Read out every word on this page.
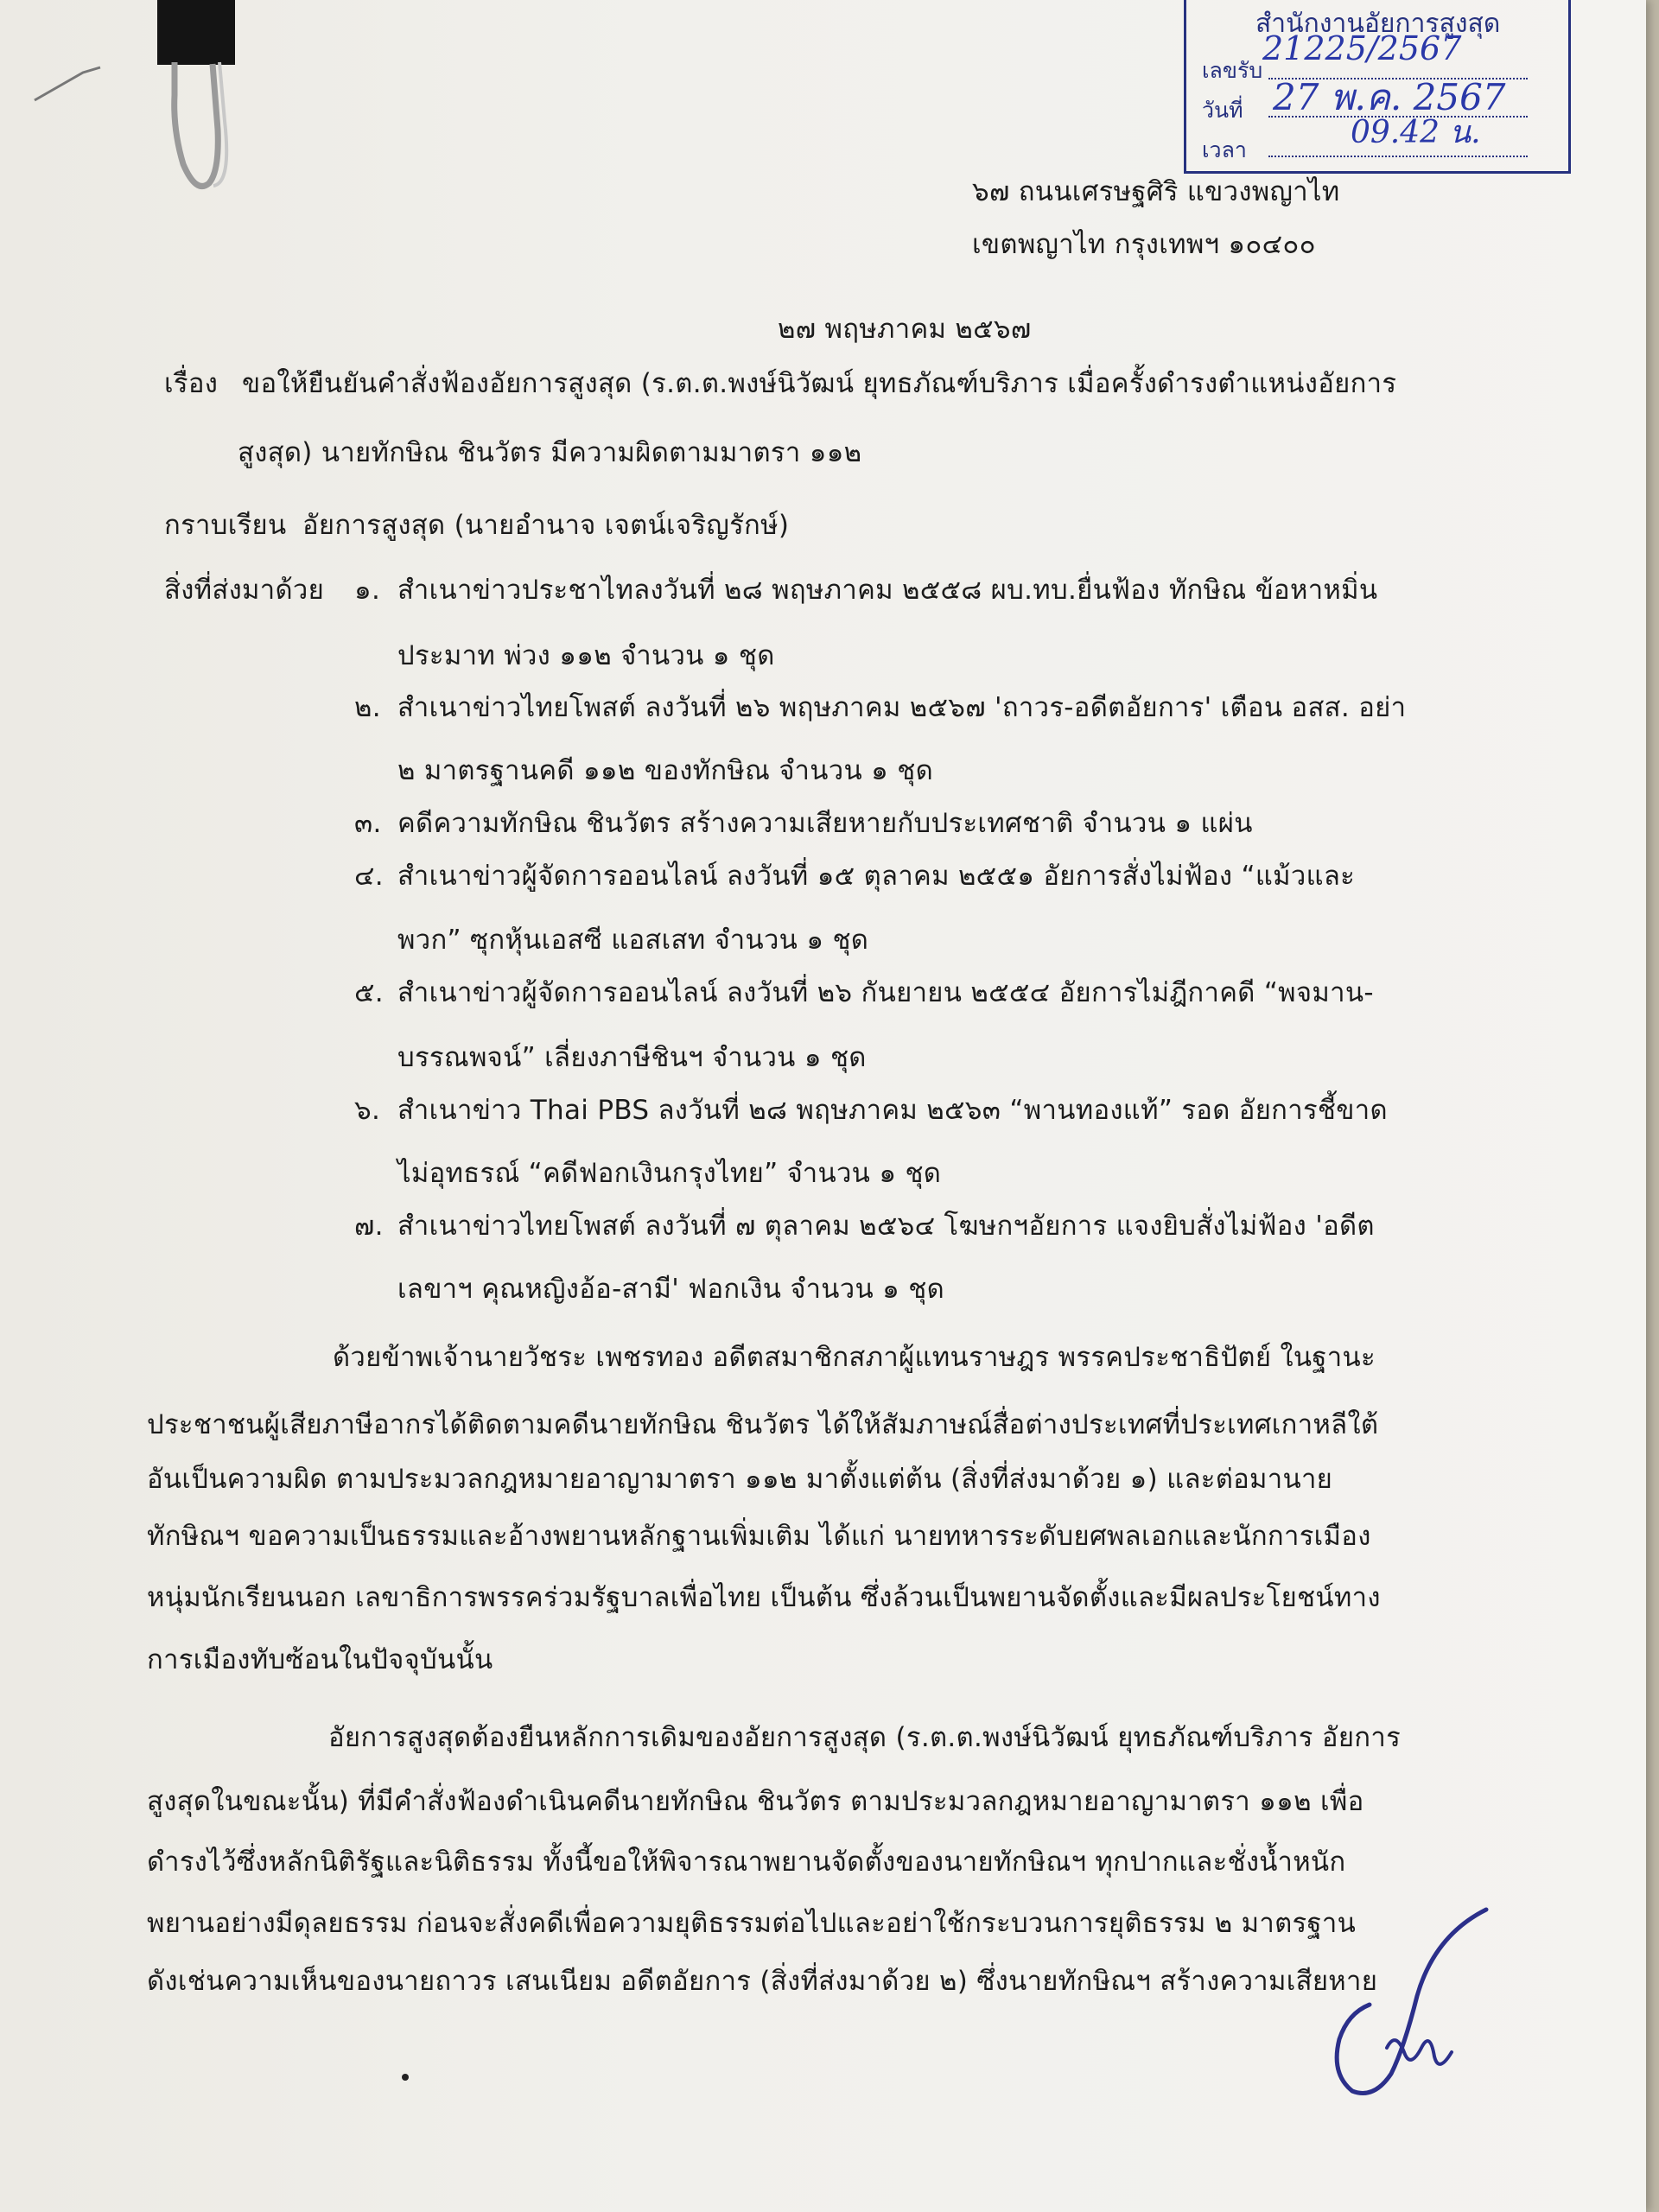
สำนักงานอัยการสูงสุด
เลขรับ
21225/2567
วันที่ 27 พ.ค. 2567
เวลา	09.42 น.
๖๗ ถนนเศรษฐศิริ แขวงพญาไท
เขตพญาไท กรุงเทพฯ ๑๐๔๐๐
๒๗ พฤษภาคม ๒๕๖๗
เรื่อง ขอให้ยืนยันคำสั่งฟ้องอัยการสูงสุด (ร.ต.ต.พงษ์นิวัฒน์ ยุทธภัณฑ์บริภาร เมื่อครั้งดำรงตำแหน่งอัยการ
สูงสุด) นายทักษิณ ชินวัตร มีความผิดตามมาตรา ๑๑๒
กราบเรียน อัยการสูงสุด (นายอำนาจ เจตน์เจริญรักษ์)
สิ่งที่ส่งมาด้วย ๑. สำเนาข่าวประชาไทลงวันที่ ๒๘ พฤษภาคม ๒๕๕๘ ผบ.ทบ.ยื่นฟ้อง ทักษิณ ข้อหาหมิ่น
ประมาท พ่วง ๑๑๒ จำนวน ๑ ชุด
๒. สำเนาข่าวไทยโพสต์ ลงวันที่ ๒๖ พฤษภาคม ๒๕๖๗ 'ถาวร-อดีตอัยการ' เตือน อสส. อย่า
๒ มาตรฐานคดี ๑๑๒ ของทักษิณ จำนวน ๑ ชุด
๓. คดีความทักษิณ ชินวัตร สร้างความเสียหายกับประเทศชาติ จำนวน ๑ แผ่น
๔. สำเนาข่าวผู้จัดการออนไลน์ ลงวันที่ ๑๕ ตุลาคม ๒๕๕๑ อัยการสั่งไม่ฟ้อง “แม้วและ
พวก” ซุกหุ้นเอสซี แอสเสท จำนวน ๑ ชุด
๕. สำเนาข่าวผู้จัดการออนไลน์ ลงวันที่ ๒๖ กันยายน ๒๕๕๔ อัยการไม่ฎีกาคดี “พจมาน-
บรรณพจน์” เลี่ยงภาษีชินฯ จำนวน ๑ ชุด
๖. สำเนาข่าว Thai PBS ลงวันที่ ๒๘ พฤษภาคม ๒๕๖๓ “พานทองแท้” รอด อัยการชี้ขาด
ไม่อุทธรณ์ “คดีฟอกเงินกรุงไทย” จำนวน ๑ ชุด
๗. สำเนาข่าวไทยโพสต์ ลงวันที่ ๗ ตุลาคม ๒๕๖๔ โฆษกฯอัยการ แจงยิบสั่งไม่ฟ้อง 'อดีต
เลขาฯ คุณหญิงอ้อ-สามี' ฟอกเงิน จำนวน ๑ ชุด
ด้วยข้าพเจ้านายวัชระ เพชรทอง อดีตสมาชิกสภาผู้แทนราษฎร พรรคประชาธิปัตย์ ในฐานะ
ประชาชนผู้เสียภาษีอากรได้ติดตามคดีนายทักษิณ ชินวัตร ได้ให้สัมภาษณ์สื่อต่างประเทศที่ประเทศเกาหลีใต้
อันเป็นความผิด ตามประมวลกฎหมายอาญามาตรา ๑๑๒ มาตั้งแต่ต้น (สิ่งที่ส่งมาด้วย ๑) และต่อมานาย
ทักษิณฯ ขอความเป็นธรรมและอ้างพยานหลักฐานเพิ่มเติม ได้แก่ นายทหารระดับยศพลเอกและนักการเมือง
หนุ่มนักเรียนนอก เลขาธิการพรรคร่วมรัฐบาลเพื่อไทย เป็นต้น ซึ่งล้วนเป็นพยานจัดตั้งและมีผลประโยชน์ทาง
การเมืองทับซ้อนในปัจจุบันนั้น
อัยการสูงสุดต้องยืนหลักการเดิมของอัยการสูงสุด (ร.ต.ต.พงษ์นิวัฒน์ ยุทธภัณฑ์บริภาร อัยการ
สูงสุดในขณะนั้น) ที่มีคำสั่งฟ้องดำเนินคดีนายทักษิณ ชินวัตร ตามประมวลกฎหมายอาญามาตรา ๑๑๒ เพื่อ
ดำรงไว้ซึ่งหลักนิติรัฐและนิติธรรม ทั้งนี้ขอให้พิจารณาพยานจัดตั้งของนายทักษิณฯ ทุกปากและชั่งน้ำหนัก
พยานอย่างมีดุลยธรรม ก่อนจะสั่งคดีเพื่อความยุติธรรมต่อไปและอย่าใช้กระบวนการยุติธรรม ๒ มาตรฐาน
ดังเช่นความเห็นของนายถาวร เสนเนียม อดีตอัยการ (สิ่งที่ส่งมาด้วย ๒) ซึ่งนายทักษิณฯ สร้างความเสียหาย
